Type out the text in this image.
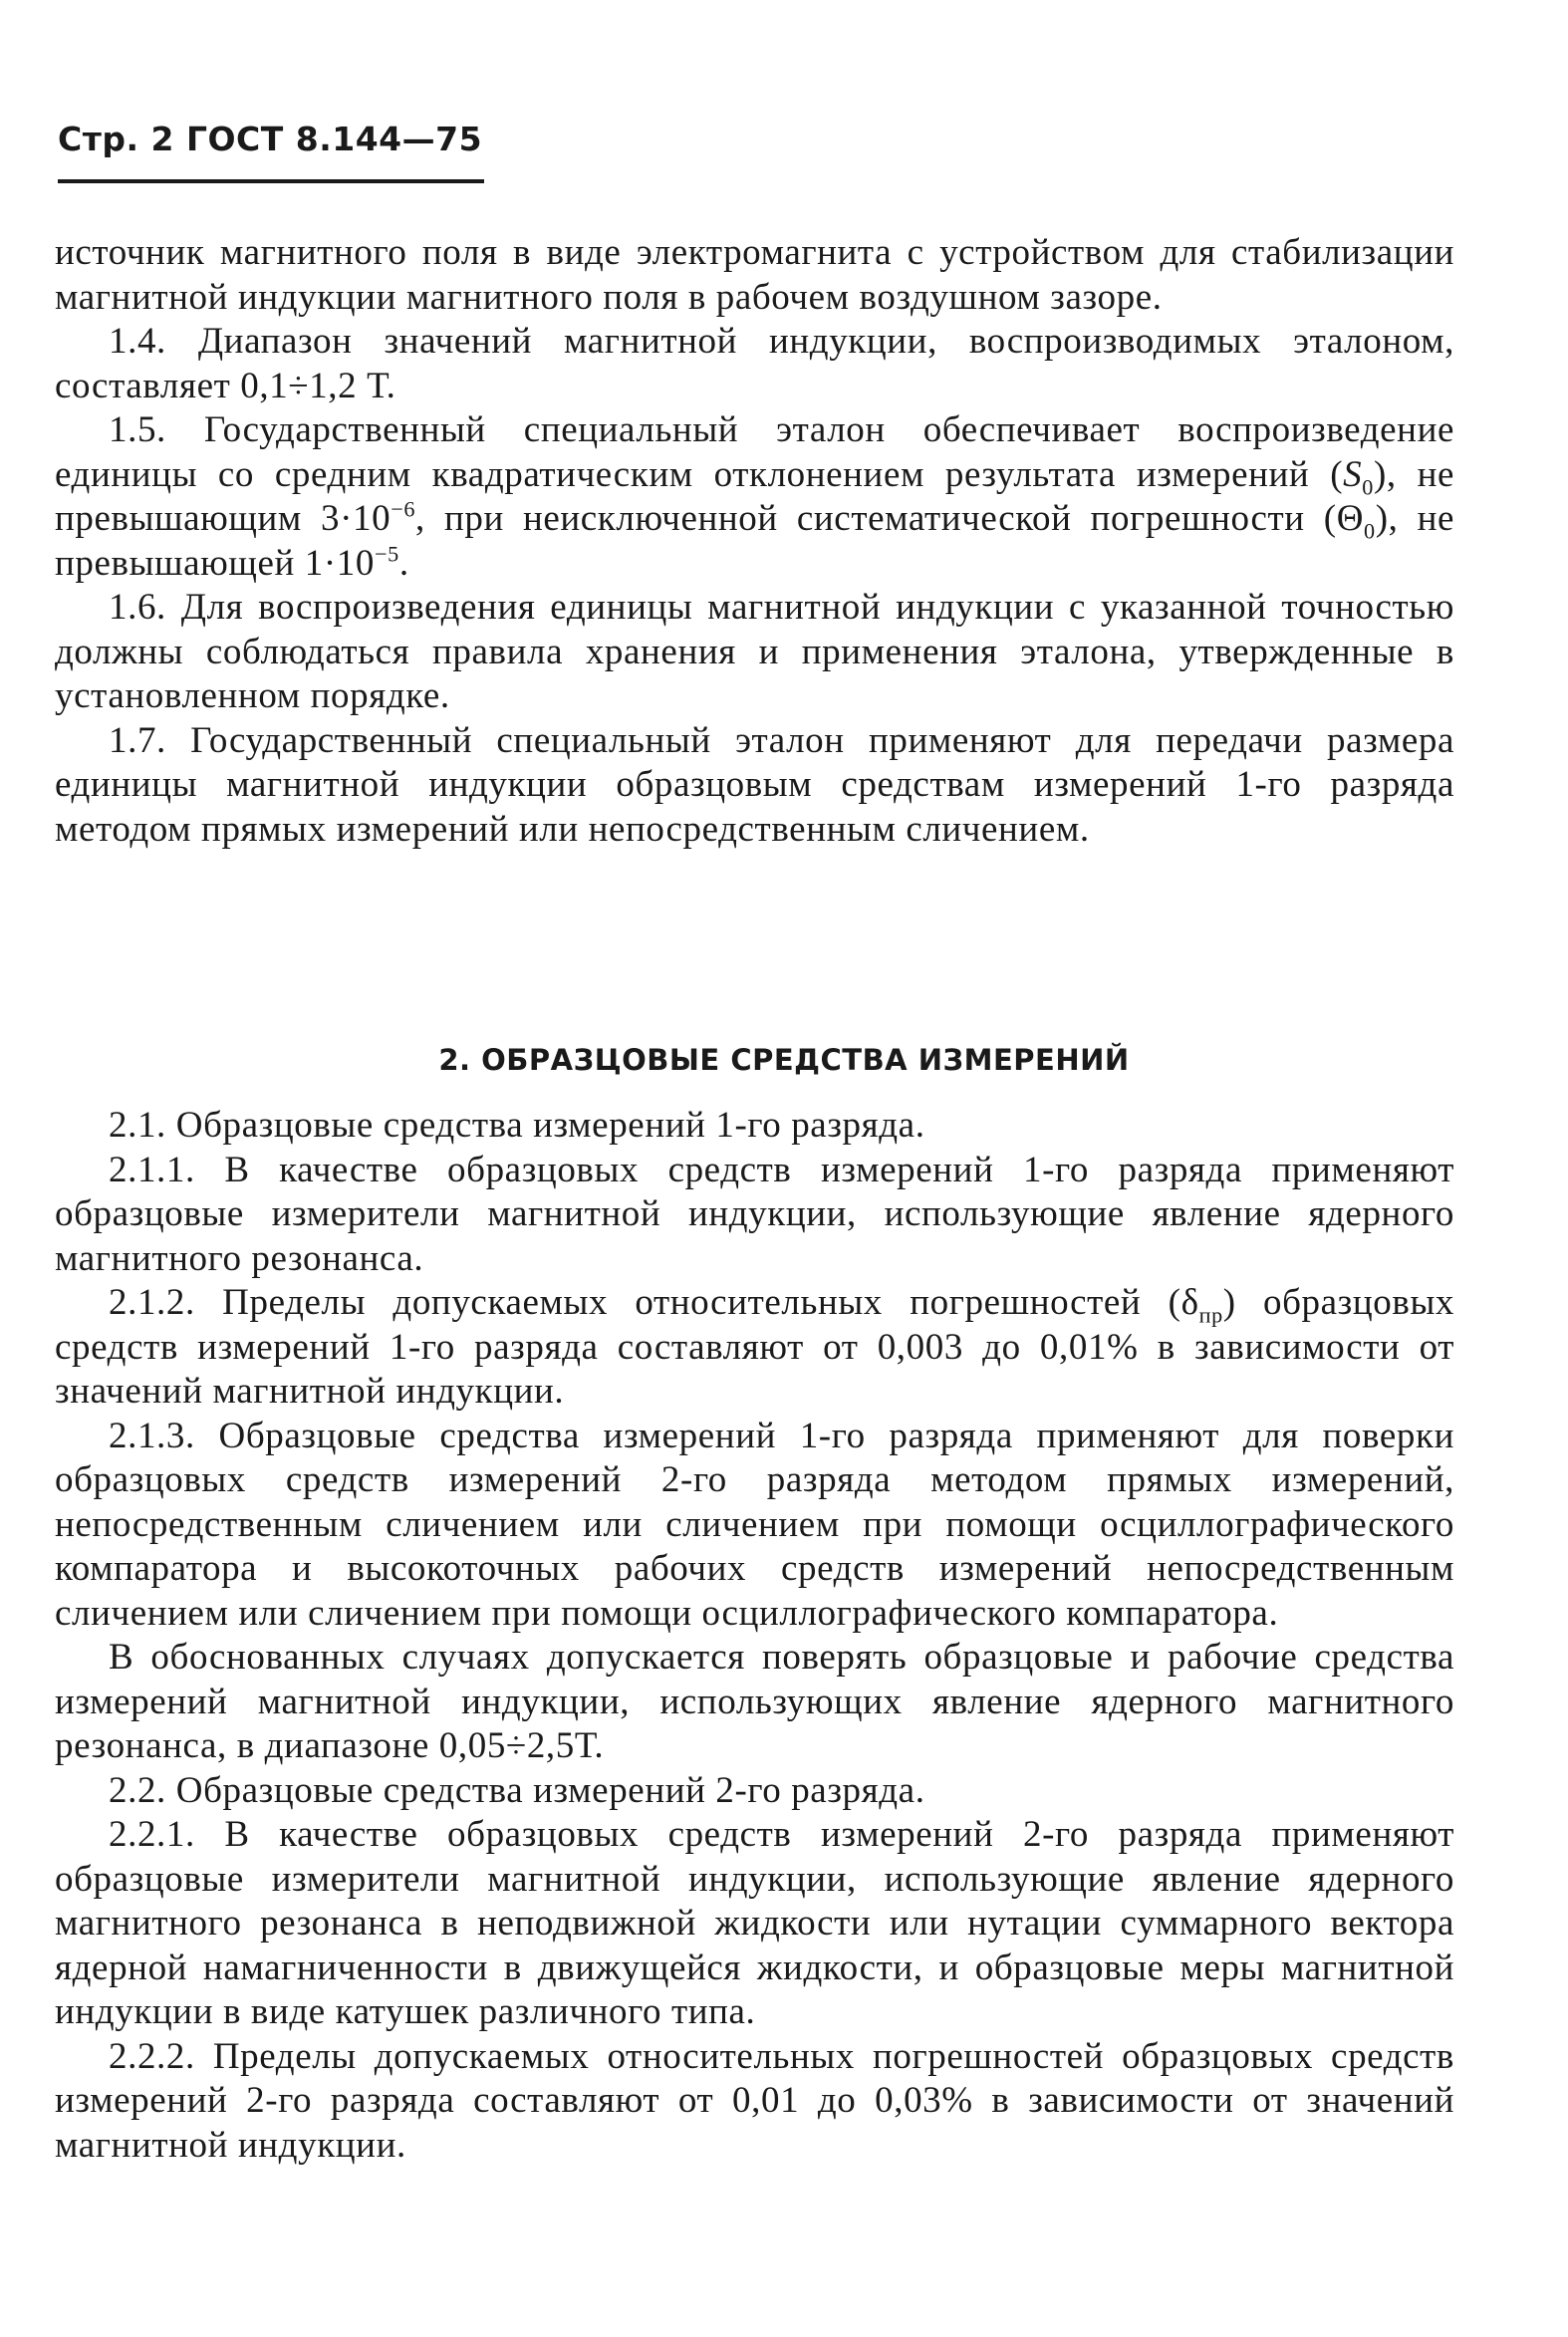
Стр. 2 ГОСТ 8.144—75

источник магнитного поля в виде электромагнита с устройством для стабилизации магнитной индукции магнитного поля в рабочем воздушном зазоре.

1.4. Диапазон значений магнитной индукции, воспроизводимых эталоном, составляет 0,1÷1,2 Т.

1.5. Государственный специальный эталон обеспечивает воспроизведение единицы со средним квадратическим отклонением результата измерений $(S_0)$, не превышающим $3\cdot 10^{-6}$, при неисключенной систематической погрешности $(\Theta_0)$, не превышающей $1\cdot 10^{-5}$.

1.6. Для воспроизведения единицы магнитной индукции с указанной точностью должны соблюдаться правила хранения и применения эталона, утвержденные в установленном порядке.

1.7. Государственный специальный эталон применяют для передачи размера единицы магнитной индукции образцовым средствам измерений 1-го разряда методом прямых измерений или непосредственным сличением.

2. ОБРАЗЦОВЫЕ СРЕДСТВА ИЗМЕРЕНИЙ

2.1. Образцовые средства измерений 1-го разряда.

2.1.1. В качестве образцовых средств измерений 1-го разряда применяют образцовые измерители магнитной индукции, использующие явление ядерного магнитного резонанса.

2.1.2. Пределы допускаемых относительных погрешностей $(\delta_{пр})$ образцовых средств измерений 1-го разряда составляют от 0,003 до 0,01% в зависимости от значений магнитной индукции.

2.1.3. Образцовые средства измерений 1-го разряда применяют для поверки образцовых средств измерений 2-го разряда методом прямых измерений, непосредственным сличением или сличением при помощи осциллографического компаратора и высокоточных рабочих средств измерений непосредственным сличением или сличением при помощи осциллографического компаратора.

В обоснованных случаях допускается поверять образцовые и рабочие средства измерений магнитной индукции, использующих явление ядерного магнитного резонанса, в диапазоне 0,05÷2,5Т.

2.2. Образцовые средства измерений 2-го разряда.

2.2.1. В качестве образцовых средств измерений 2-го разряда применяют образцовые измерители магнитной индукции, использующие явление ядерного магнитного резонанса в неподвижной жидкости или нутации суммарного вектора ядерной намагниченности в движущейся жидкости, и образцовые меры магнитной индукции в виде катушек различного типа.

2.2.2. Пределы допускаемых относительных погрешностей образцовых средств измерений 2-го разряда составляют от 0,01 до 0,03% в зависимости от значений магнитной индукции.
